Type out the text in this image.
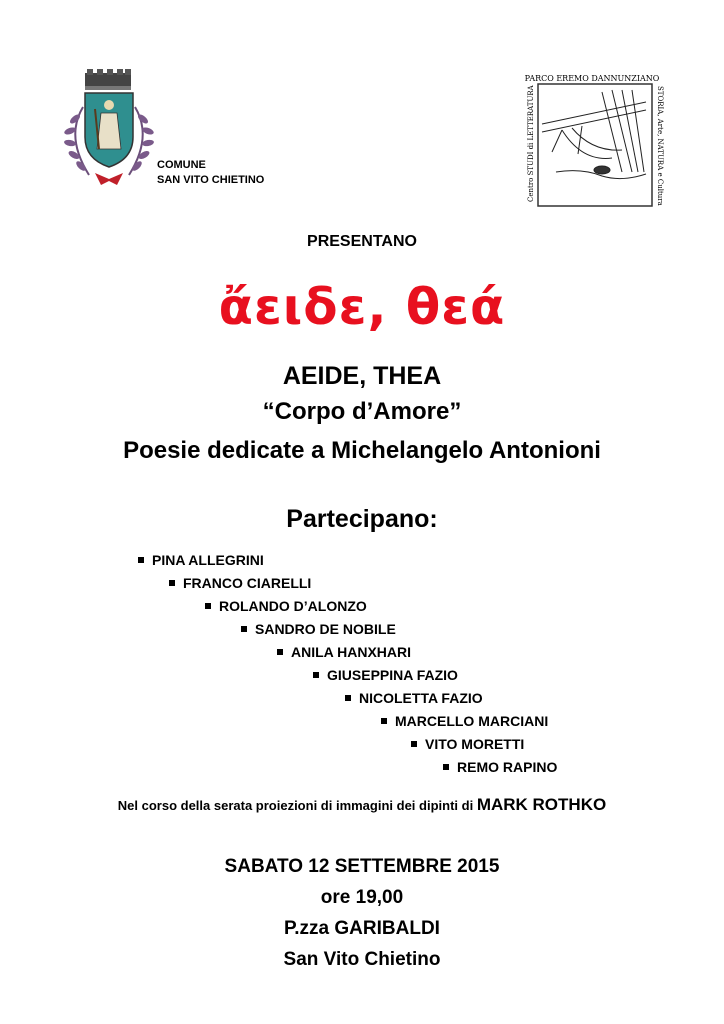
COMUNE
SAN VITO CHIETINO
PARCO EREMO DANNUNZIANO
Centro STUDI di LETTERATURA	STORIA, Arte, NATURA e Cultura
PRESENTANO
ἄειδε, θεά
AEIDE, THEA
“Corpo d’Amore”
Poesie dedicate a Michelangelo Antonioni
Partecipano:
PINA ALLEGRINI
FRANCO CIARELLI
ROLANDO D’ALONZO
SANDRO DE NOBILE
ANILA HANXHARI
GIUSEPPINA FAZIO
NICOLETTA FAZIO
MARCELLO MARCIANI
VITO MORETTI
REMO RAPINO
Nel corso della serata proiezioni di immagini dei dipinti di MARK ROTHKO
SABATO 12 SETTEMBRE 2015
ore 19,00
P.zza GARIBALDI
San Vito Chietino
